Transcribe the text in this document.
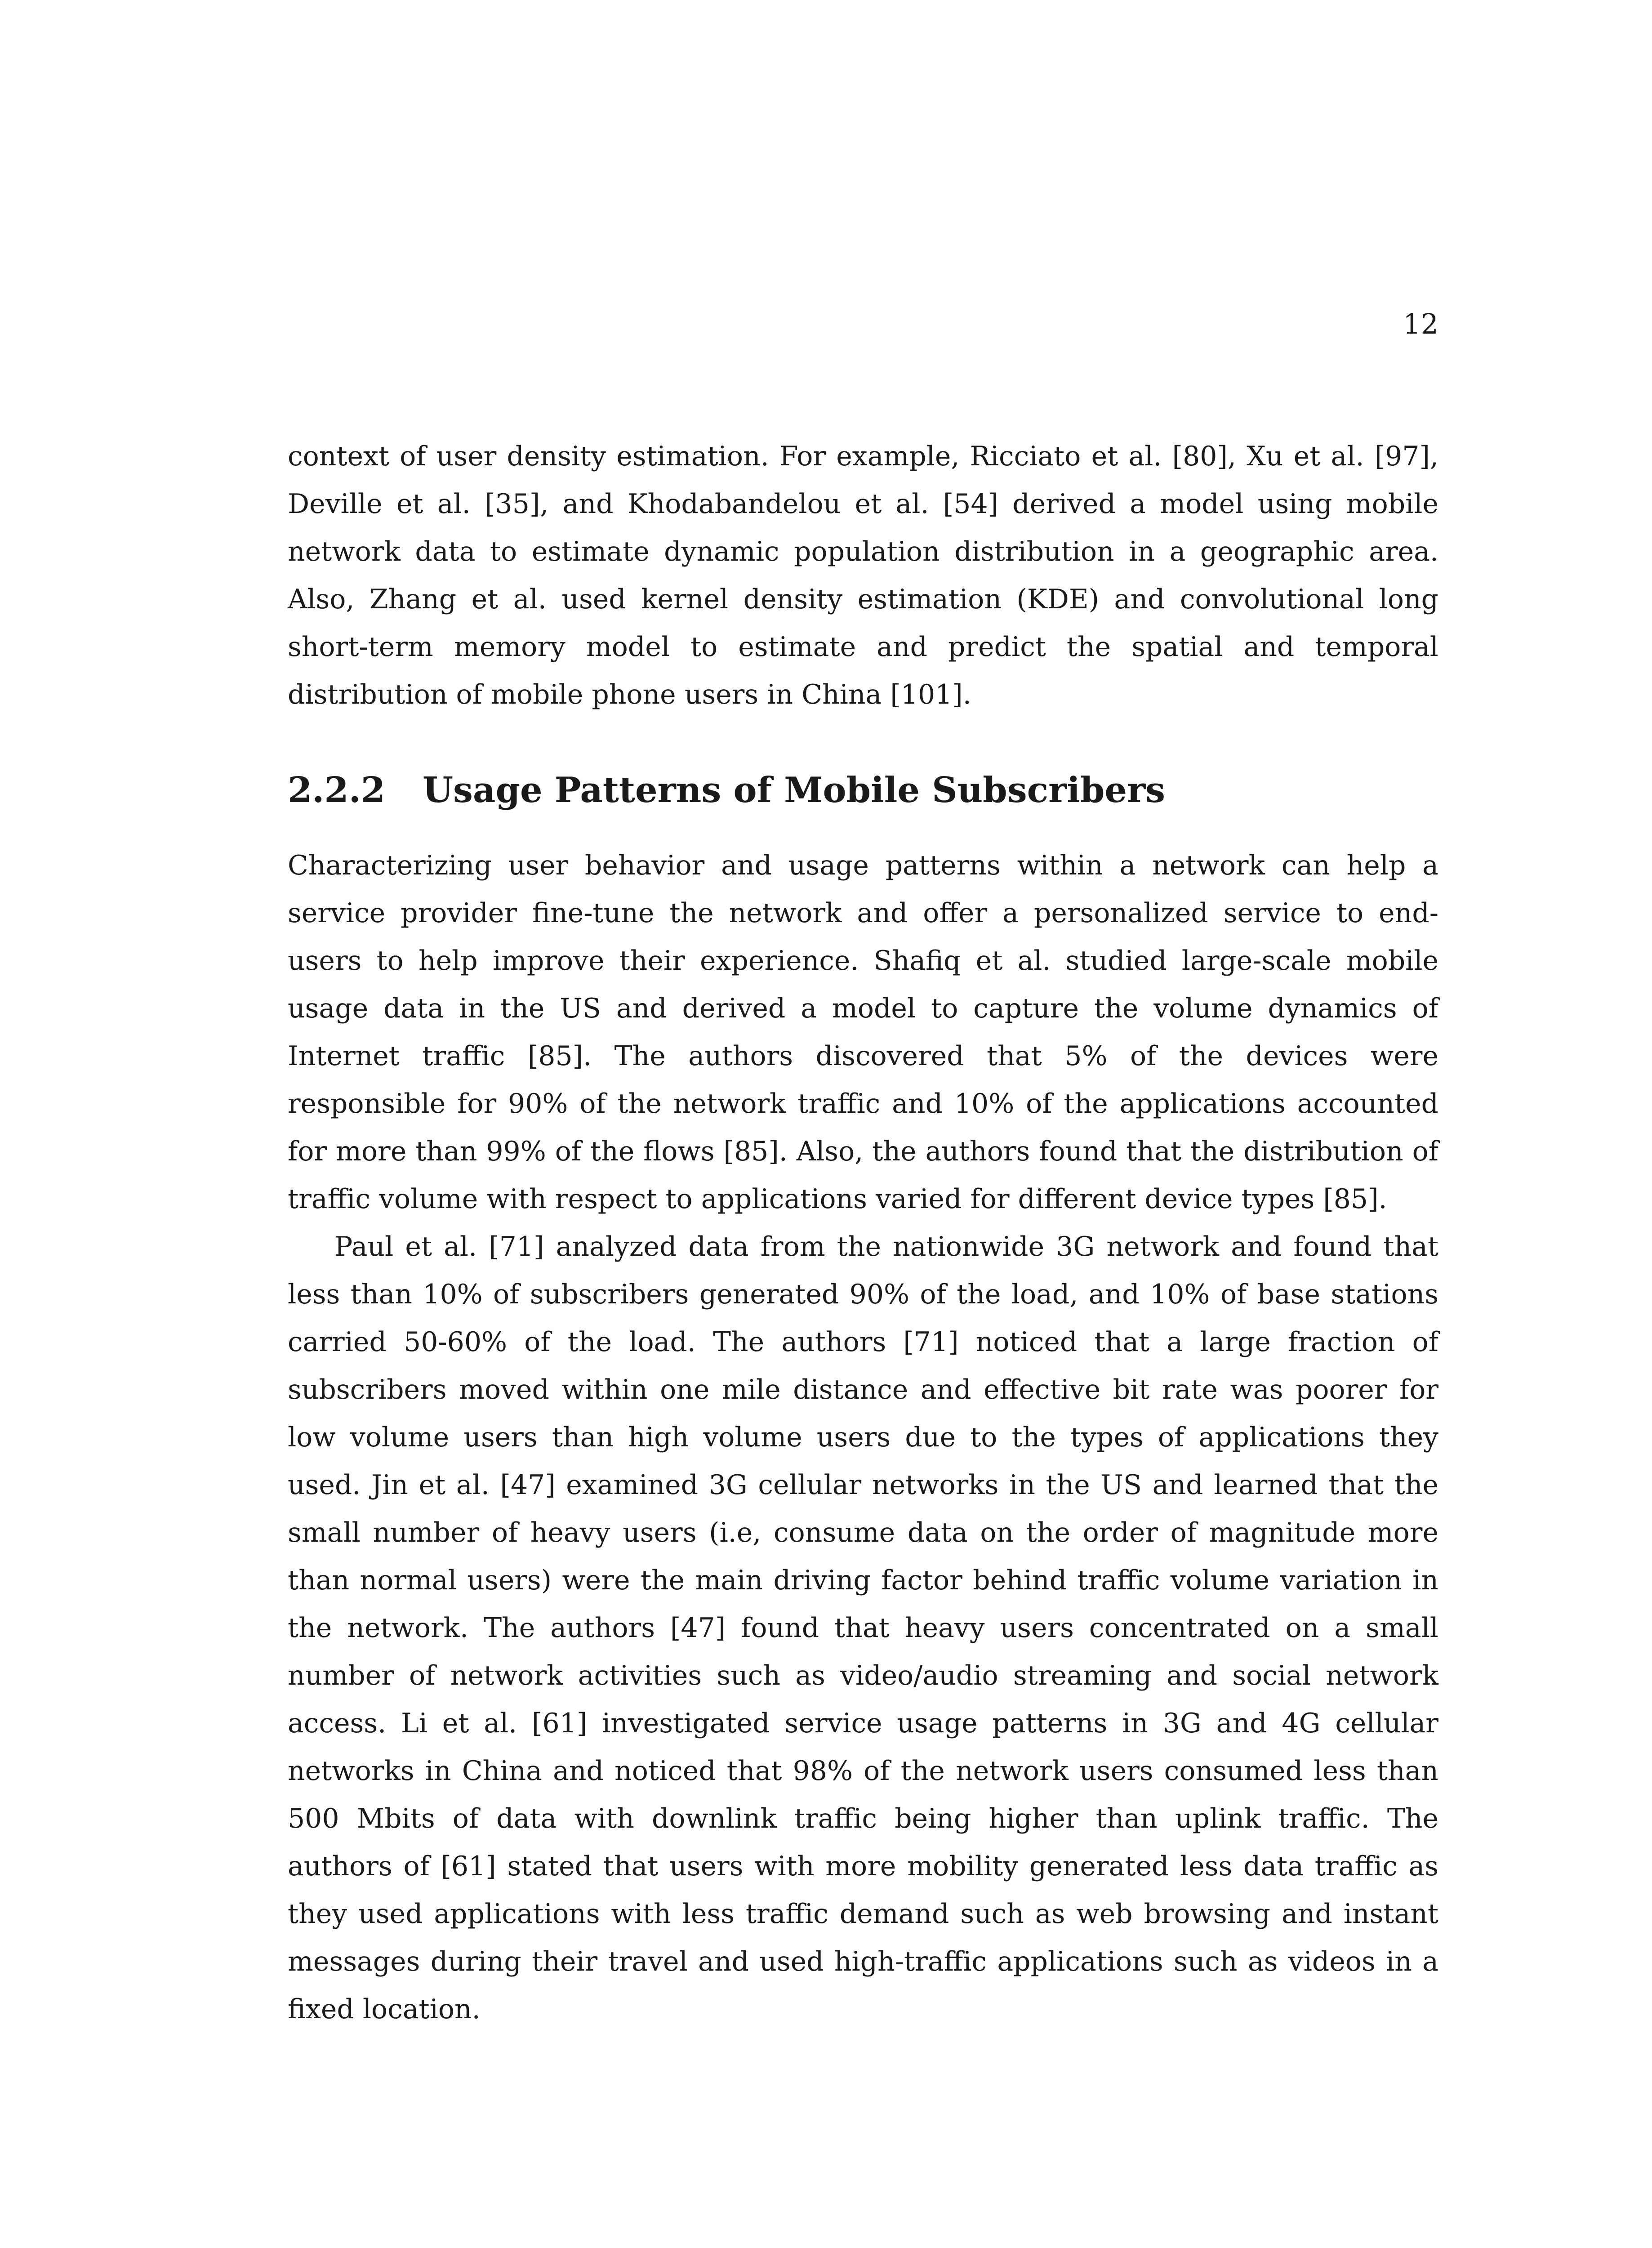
12

context of user density estimation. For example, Ricciato et al. [80], Xu et al. [97], Deville et al. [35], and Khodabandelou et al. [54] derived a model using mobile network data to estimate dynamic population distribution in a geographic area. Also, Zhang et al. used kernel density estimation (KDE) and convolutional long short-term memory model to estimate and predict the spatial and temporal distribution of mobile phone users in China [101].

2.2.2 Usage Patterns of Mobile Subscribers

Characterizing user behavior and usage patterns within a network can help a service provider fine-tune the network and offer a personalized service to end-users to help improve their experience. Shafiq et al. studied large-scale mobile usage data in the US and derived a model to capture the volume dynamics of Internet traffic [85]. The authors discovered that 5% of the devices were responsible for 90% of the network traffic and 10% of the applications accounted for more than 99% of the flows [85]. Also, the authors found that the distribution of traffic volume with respect to applications varied for different device types [85].

Paul et al. [71] analyzed data from the nationwide 3G network and found that less than 10% of subscribers generated 90% of the load, and 10% of base stations carried 50-60% of the load. The authors [71] noticed that a large fraction of subscribers moved within one mile distance and effective bit rate was poorer for low volume users than high volume users due to the types of applications they used. Jin et al. [47] examined 3G cellular networks in the US and learned that the small number of heavy users (i.e, consume data on the order of magnitude more than normal users) were the main driving factor behind traffic volume variation in the network. The authors [47] found that heavy users concentrated on a small number of network activities such as video/audio streaming and social network access. Li et al. [61] investigated service usage patterns in 3G and 4G cellular networks in China and noticed that 98% of the network users consumed less than 500 Mbits of data with downlink traffic being higher than uplink traffic. The authors of [61] stated that users with more mobility generated less data traffic as they used applications with less traffic demand such as web browsing and instant messages during their travel and used high-traffic applications such as videos in a fixed location.
